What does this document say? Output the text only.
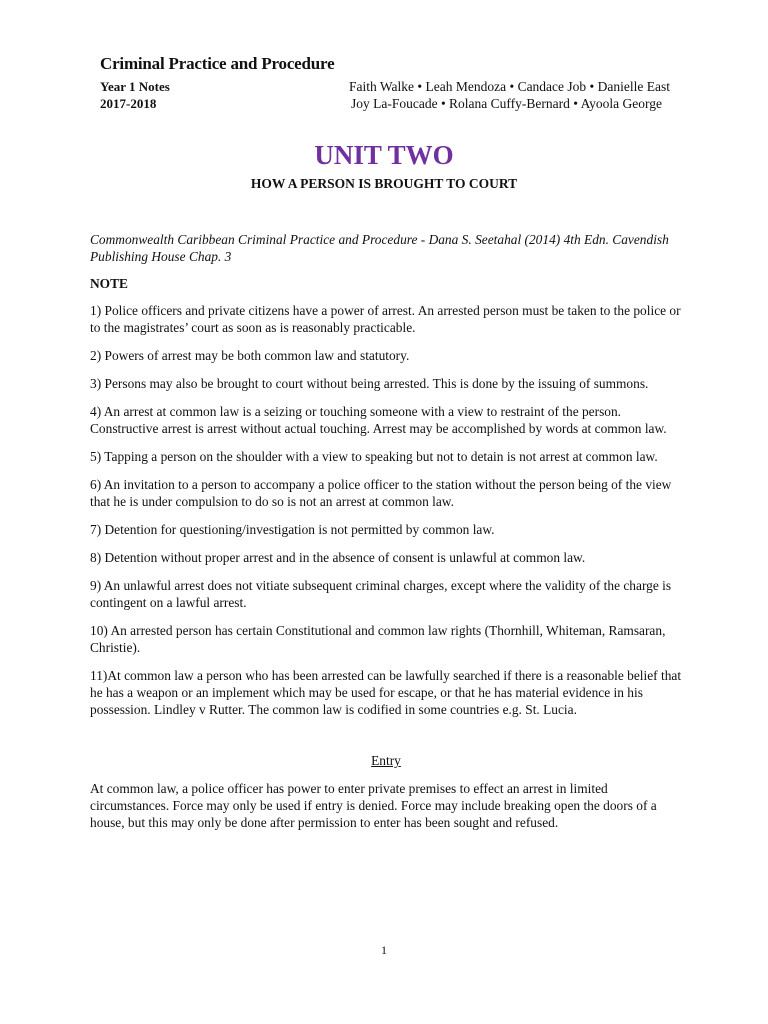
Criminal Practice and Procedure
Year 1 Notes
2017-2018
Faith Walke • Leah Mendoza • Candace Job • Danielle East
Joy La-Foucade • Rolana Cuffy-Bernard • Ayoola George
UNIT TWO
HOW A PERSON IS BROUGHT TO COURT

Commonwealth Caribbean Criminal Practice and Procedure - Dana S. Seetahal (2014) 4th Edn. Cavendish Publishing House Chap. 3

NOTE

1) Police officers and private citizens have a power of arrest. An arrested person must be taken to the police or to the magistrates’ court as soon as is reasonably practicable.

2) Powers of arrest may be both common law and statutory.

3) Persons may also be brought to court without being arrested. This is done by the issuing of summons.

4) An arrest at common law is a seizing or touching someone with a view to restraint of the person. Constructive arrest is arrest without actual touching. Arrest may be accomplished by words at common law.

5) Tapping a person on the shoulder with a view to speaking but not to detain is not arrest at common law.

6) An invitation to a person to accompany a police officer to the station without the person being of the view that he is under compulsion to do so is not an arrest at common law.

7) Detention for questioning/investigation is not permitted by common law.

8) Detention without proper arrest and in the absence of consent is unlawful at common law.

9) An unlawful arrest does not vitiate subsequent criminal charges, except where the validity of the charge is contingent on a lawful arrest.

10) An arrested person has certain Constitutional and common law rights (Thornhill, Whiteman, Ramsaran, Christie).

11)At common law a person who has been arrested can be lawfully searched if there is a reasonable belief that he has a weapon or an implement which may be used for escape, or that he has material evidence in his possession. Lindley v Rutter. The common law is codified in some countries e.g. St. Lucia.

Entry

At common law, a police officer has power to enter private premises to effect an arrest in limited circumstances. Force may only be used if entry is denied. Force may include breaking open the doors of a house, but this may only be done after permission to enter has been sought and refused.

1
